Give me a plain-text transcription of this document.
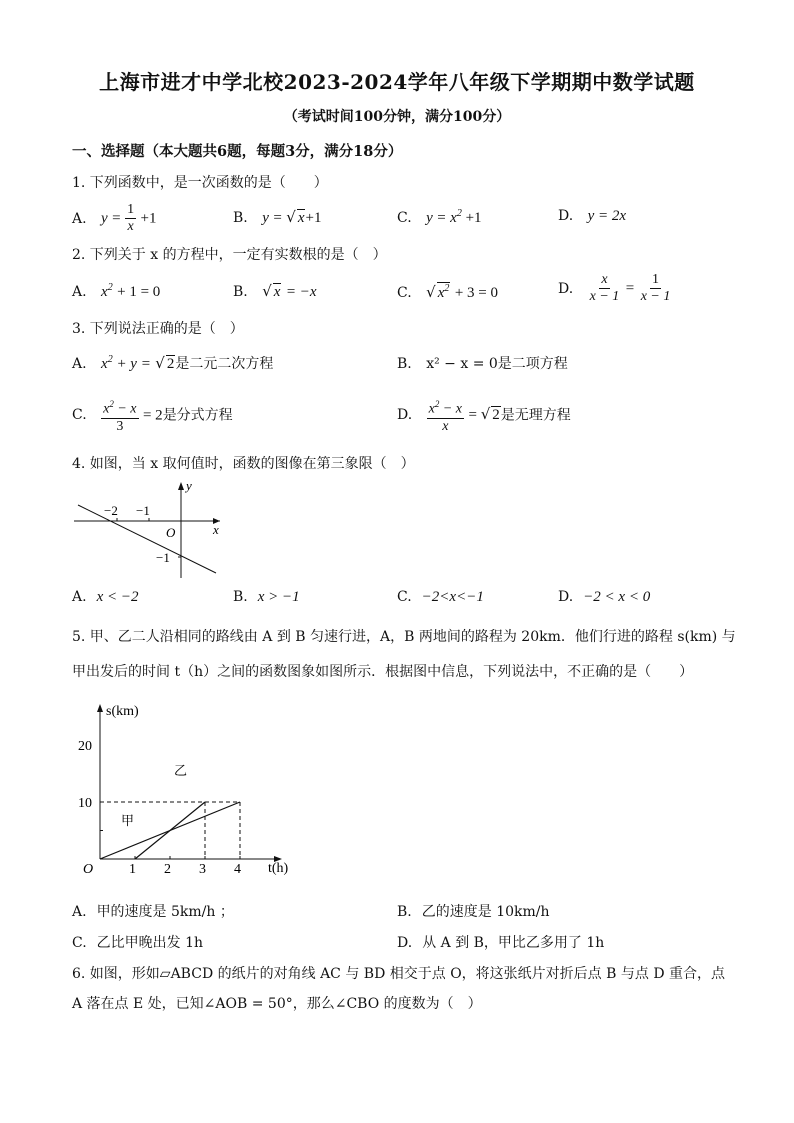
上海市进才中学北校2023-2024学年八年级下学期期中数学试题
（考试时间100分钟，满分100分）
一、选择题（本大题共6题，每题3分，满分18分）
1. 下列函数中，是一次函数的是（　　）
A. $y = \frac{1}{x} +1$	B. y = √ x+1	C. $y = x^2 +1$	D. y = 2x
2. 下列关于 x 的方程中，一定有实数根的是（　）
A. $x^2 + 1 = 0$	B. √ x = −x	C. √ $x^2 + 3 = 0$	D. $\frac{x}{x - 1} = \frac{1}{x - 1}$
3. 下列说法正确的是（　）
A. $x^2 + y$ = √ 2是二元二次方程	B. x² − x = 0是二项方程
C. $\frac{x^2 - x}{3} = 2$是分式方程	D. $\frac{x^2 - x}{x}$ = √ 2是无理方程
4. 如图，当 x 取何值时，函数的图像在第三象限（　）
−2 −1
−1
O	x
y
A. x < −2	B. x > −1	C. −2<x<−1	D. −2 < x < 0
5. 甲、乙二人沿相同的路线由 A 到 B 匀速行进，A，B 两地间的路程为 20km．他们行进的路程 s(km) 与
甲出发后的时间 t（h）之间的函数图象如图所示．根据图中信息，下列说法中，不正确的是（　　）
s(km)
t(h)
O
20
10
1 2 3 4
甲
乙
A. 甲的速度是 5km/h ；	B. 乙的速度是 10km/h
C. 乙比甲晚出发 1h	D. 从 A 到 B，甲比乙多用了 1h
6. 如图，形如▱ABCD 的纸片的对角线 AC 与 BD 相交于点 O，将这张纸片对折后点 B 与点 D 重合，点
A 落在点 E 处，已知∠AOB = 50°，那么∠CBO 的度数为（　）
